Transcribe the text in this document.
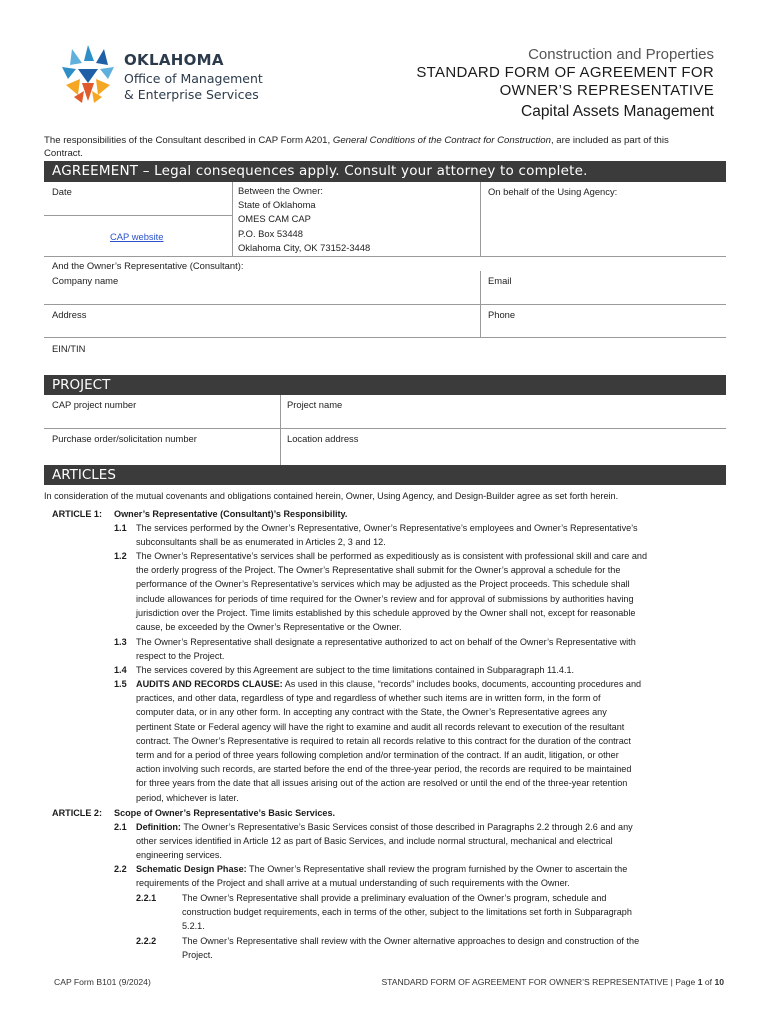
OKLAHOMA
Office of Management
& Enterprise Services
Construction and Properties
STANDARD FORM OF AGREEMENT FOR
OWNER’S REPRESENTATIVE
Capital Assets Management
The responsibilities of the Consultant described in CAP Form A201, General Conditions of the Contract for Construction, are included as part of this
Contract.
AGREEMENT – Legal consequences apply. Consult your attorney to complete.
Date
CAP website
Between the Owner:
State of Oklahoma
OMES CAM CAP
P.O. Box 53448
Oklahoma City, OK 73152-3448
On behalf of the Using Agency:
And the Owner’s Representative (Consultant):
Company name	Email
Address	Phone
EIN/TIN
PROJECT
CAP project number	Project name
Purchase order/solicitation number	Location address
ARTICLES
In consideration of the mutual covenants and obligations contained herein, Owner, Using Agency, and Design-Builder agree as set forth herein.
ARTICLE 1: Owner’s Representative (Consultant)’s Responsibility.
1.1 The services performed by the Owner’s Representative, Owner’s Representative’s employees and Owner’s Representative’s
subconsultants shall be as enumerated in Articles 2, 3 and 12.
1.2 The Owner’s Representative’s services shall be performed as expeditiously as is consistent with professional skill and care and
the orderly progress of the Project. The Owner’s Representative shall submit for the Owner’s approval a schedule for the
performance of the Owner’s Representative’s services which may be adjusted as the Project proceeds. This schedule shall
include allowances for periods of time required for the Owner’s review and for approval of submissions by authorities having
jurisdiction over the Project. Time limits established by this schedule approved by the Owner shall not, except for reasonable
cause, be exceeded by the Owner’s Representative or the Owner.
1.3 The Owner’s Representative shall designate a representative authorized to act on behalf of the Owner’s Representative with
respect to the Project.
1.4 The services covered by this Agreement are subject to the time limitations contained in Subparagraph 11.4.1.
1.5 AUDITS AND RECORDS CLAUSE: As used in this clause, “records” includes books, documents, accounting procedures and
practices, and other data, regardless of type and regardless of whether such items are in written form, in the form of
computer data, or in any other form. In accepting any contract with the State, the Owner’s Representative agrees any
pertinent State or Federal agency will have the right to examine and audit all records relevant to execution of the resultant
contract. The Owner’s Representative is required to retain all records relative to this contract for the duration of the contract
term and for a period of three years following completion and/or termination of the contract. If an audit, litigation, or other
action involving such records, are started before the end of the three-year period, the records are required to be maintained
for three years from the date that all issues arising out of the action are resolved or until the end of the three-year retention
period, whichever is later.
ARTICLE 2: Scope of Owner’s Representative’s Basic Services.
2.1 Definition: The Owner’s Representative’s Basic Services consist of those described in Paragraphs 2.2 through 2.6 and any
other services identified in Article 12 as part of Basic Services, and include normal structural, mechanical and electrical
engineering services.
2.2 Schematic Design Phase: The Owner’s Representative shall review the program furnished by the Owner to ascertain the
requirements of the Project and shall arrive at a mutual understanding of such requirements with the Owner.
2.2.1	The Owner’s Representative shall provide a preliminary evaluation of the Owner’s program, schedule and
construction budget requirements, each in terms of the other, subject to the limitations set forth in Subparagraph
5.2.1.
2.2.2	The Owner’s Representative shall review with the Owner alternative approaches to design and construction of the
Project.
CAP Form B101 (9/2024)	STANDARD FORM OF AGREEMENT FOR OWNER’S REPRESENTATIVE | Page 1 of 10
